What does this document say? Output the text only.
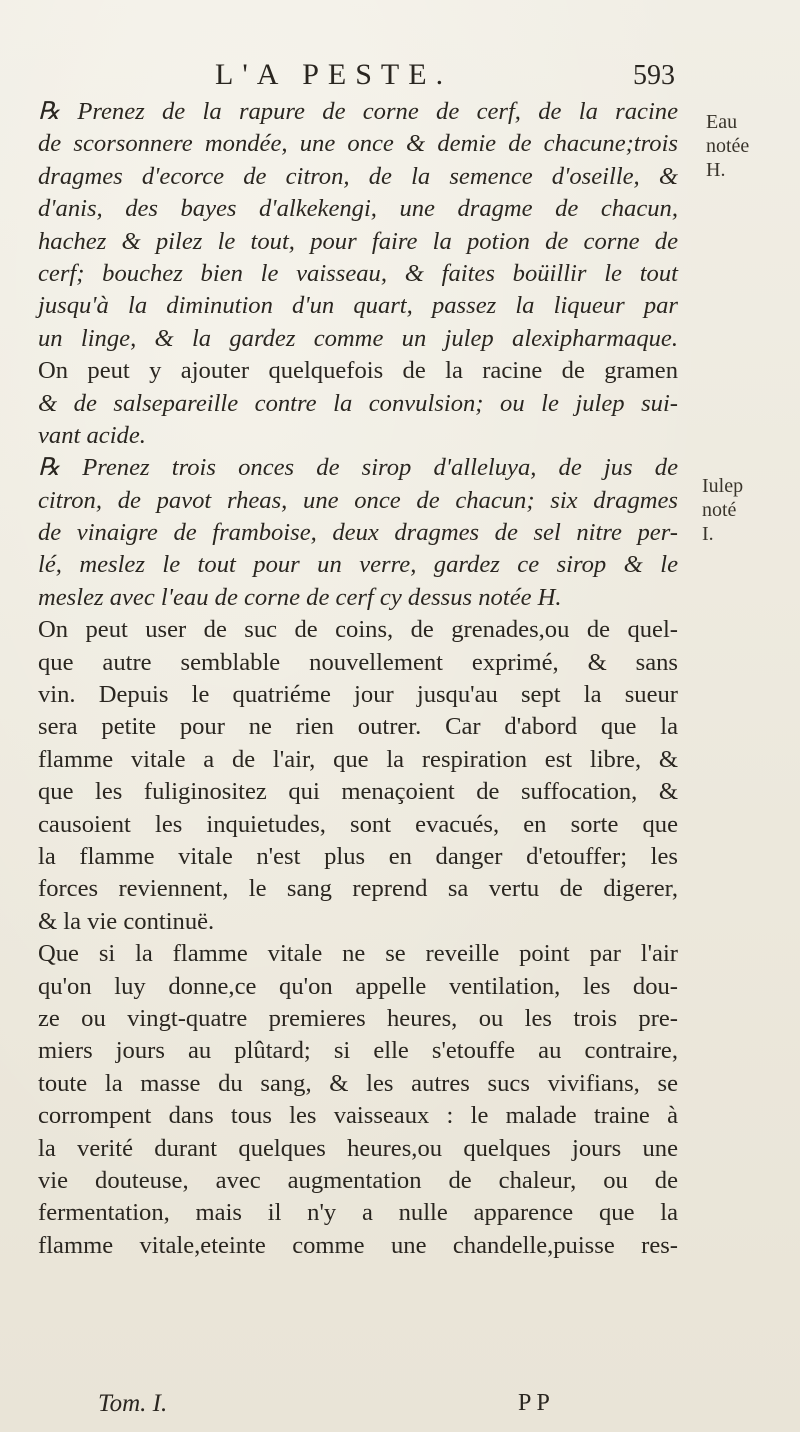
L'A PESTE.	593
℞ Prenez de la rapure de corne de cerf, de la racine
de scorsonnere mondée, une once & demie de chacune;trois
dragmes d'ecorce de citron, de la semence d'oseille, &
d'anis, des bayes d'alkekengi, une dragme de chacun,
hachez & pilez le tout, pour faire la potion de corne de
cerf; bouchez bien le vaisseau, & faites boüillir le tout
jusqu'à la diminution d'un quart, passez la liqueur par
un linge, & la gardez comme un julep alexipharmaque.
On peut y ajouter quelquefois de la racine de gramen
& de salsepareille contre la convulsion; ou le julep sui-
vant acide.
℞ Prenez trois onces de sirop d'alleluya, de jus de
citron, de pavot rheas, une once de chacun; six dragmes
de vinaigre de framboise, deux dragmes de sel nitre per-
lé, meslez le tout pour un verre, gardez ce sirop & le
meslez avec l'eau de corne de cerf cy dessus notée H.
On peut user de suc de coins, de grenades,ou de quel-
que autre semblable nouvellement exprimé, & sans
vin. Depuis le quatriéme jour jusqu'au sept la sueur
sera petite pour ne rien outrer. Car d'abord que la
flamme vitale a de l'air, que la respiration est libre, &
que les fuliginositez qui menaçoient de suffocation, &
causoient les inquietudes, sont evacués, en sorte que
la flamme vitale n'est plus en danger d'etouffer; les
forces reviennent, le sang reprend sa vertu de digerer,
& la vie continuë.
Que si la flamme vitale ne se reveille point par l'air
qu'on luy donne,ce qu'on appelle ventilation, les dou-
ze ou vingt-quatre premieres heures, ou les trois pre-
miers jours au plûtard; si elle s'etouffe au contraire,
toute la masse du sang, & les autres sucs vivifians, se
corrompent dans tous les vaisseaux : le malade traine à
la verité durant quelques heures,ou quelques jours une
vie douteuse, avec augmentation de chaleur, ou de
fermentation, mais il n'y a nulle apparence que la
flamme vitale,eteinte comme une chandelle,puisse res-
Eau
notée
H.
Iulep
noté
I.
Tom. I.	P P
